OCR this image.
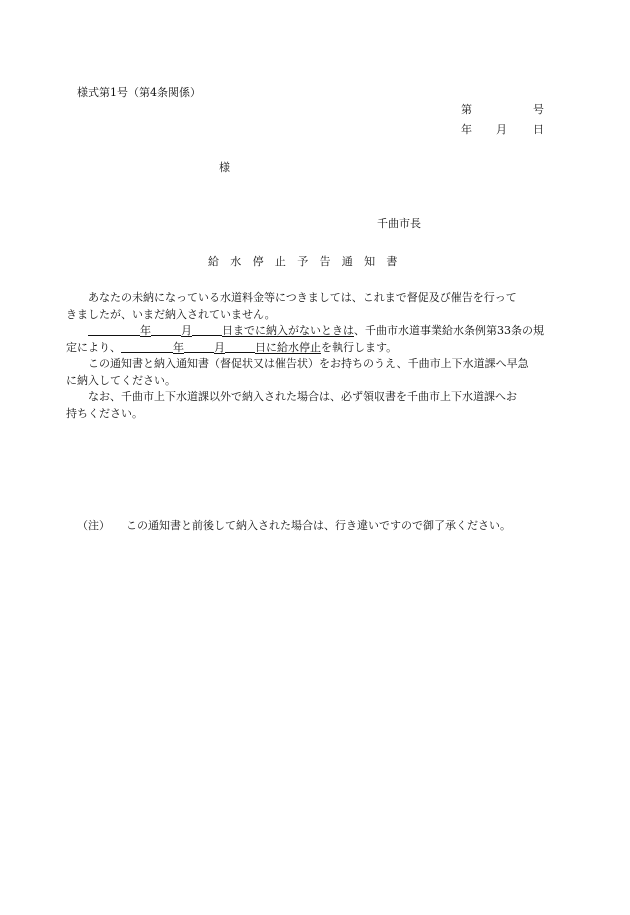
様式第1号（第4条関係）
第	号
年 月 日
様
千曲市長
給水停止予告通知書

あなたの未納になっている水道料金等につきましては、これまで督促及び催告を行って
きましたが、いまだ納入されていません。

年	月	日までに納入がないときは、千曲市水道事業給水条例第33条の規
定により、	年	月	日に給水停止を執行します。

この通知書と納入通知書（督促状又は催告状）をお持ちのうえ、千曲市上下水道課へ早急
に納入してください。

なお、千曲市上下水道課以外で納入された場合は、必ず領収書を千曲市上下水道課へお
持ちください。

（注） この通知書と前後して納入された場合は、行き違いですので御了承ください。
